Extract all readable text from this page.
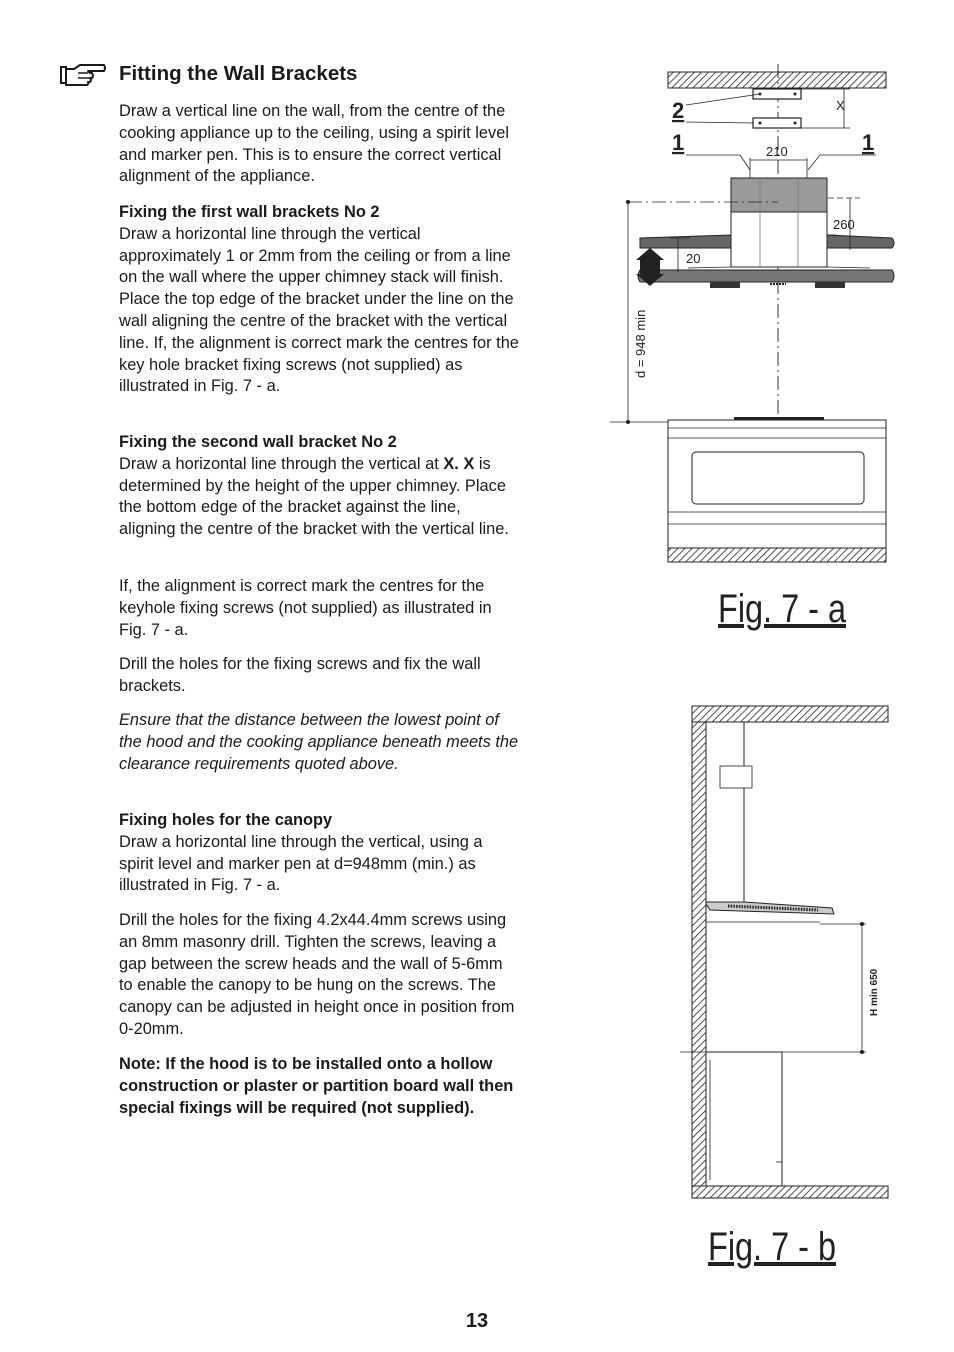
Fitting the Wall Brackets

Draw a vertical line on the wall, from the centre of the cooking appliance up to the ceiling, using a spirit level and marker pen. This is to ensure the correct vertical alignment of the appliance.

Fixing the first wall brackets No 2
Draw a horizontal line through the vertical approximately 1 or 2mm from the ceiling or from a line on the wall where the upper chimney stack will finish. Place the top edge of the bracket under the line on the wall aligning the centre of the bracket with the vertical line. If, the alignment is correct mark the centres for the key hole bracket fixing screws (not supplied) as illustrated in Fig. 7 - a.
Fixing the second wall bracket No 2
Draw a horizontal line through the vertical at X. X is determined by the height of the upper chimney. Place the bottom edge of the bracket against the line, aligning the centre of the bracket with the vertical line.

If, the alignment is correct mark the centres for the keyhole fixing screws (not supplied) as illustrated in Fig. 7 - a.

Drill the holes for the fixing screws and fix the wall brackets.

Ensure that the distance between the lowest point of the hood and the cooking appliance beneath meets the clearance requirements quoted above.

Fixing holes for the canopy
Draw a horizontal line through the vertical, using a spirit level and marker pen at d=948mm (min.) as illustrated in Fig. 7 - a.

Drill the holes for the fixing 4.2x44.4mm screws using an 8mm masonry drill. Tighten the screws, leaving a gap between the screw heads and the wall of 5-6mm to enable the canopy to be hung on the screws. The canopy can be adjusted in height once in position from 0-20mm.

Note: If the hood is to be installed onto a hollow construction or plaster or partition board wall then special fixings will be required (not supplied).

X
2
1	1
210
260
20
d = 948 min
Fig. 7 - a
H min 650
Fig. 7 - b
13
